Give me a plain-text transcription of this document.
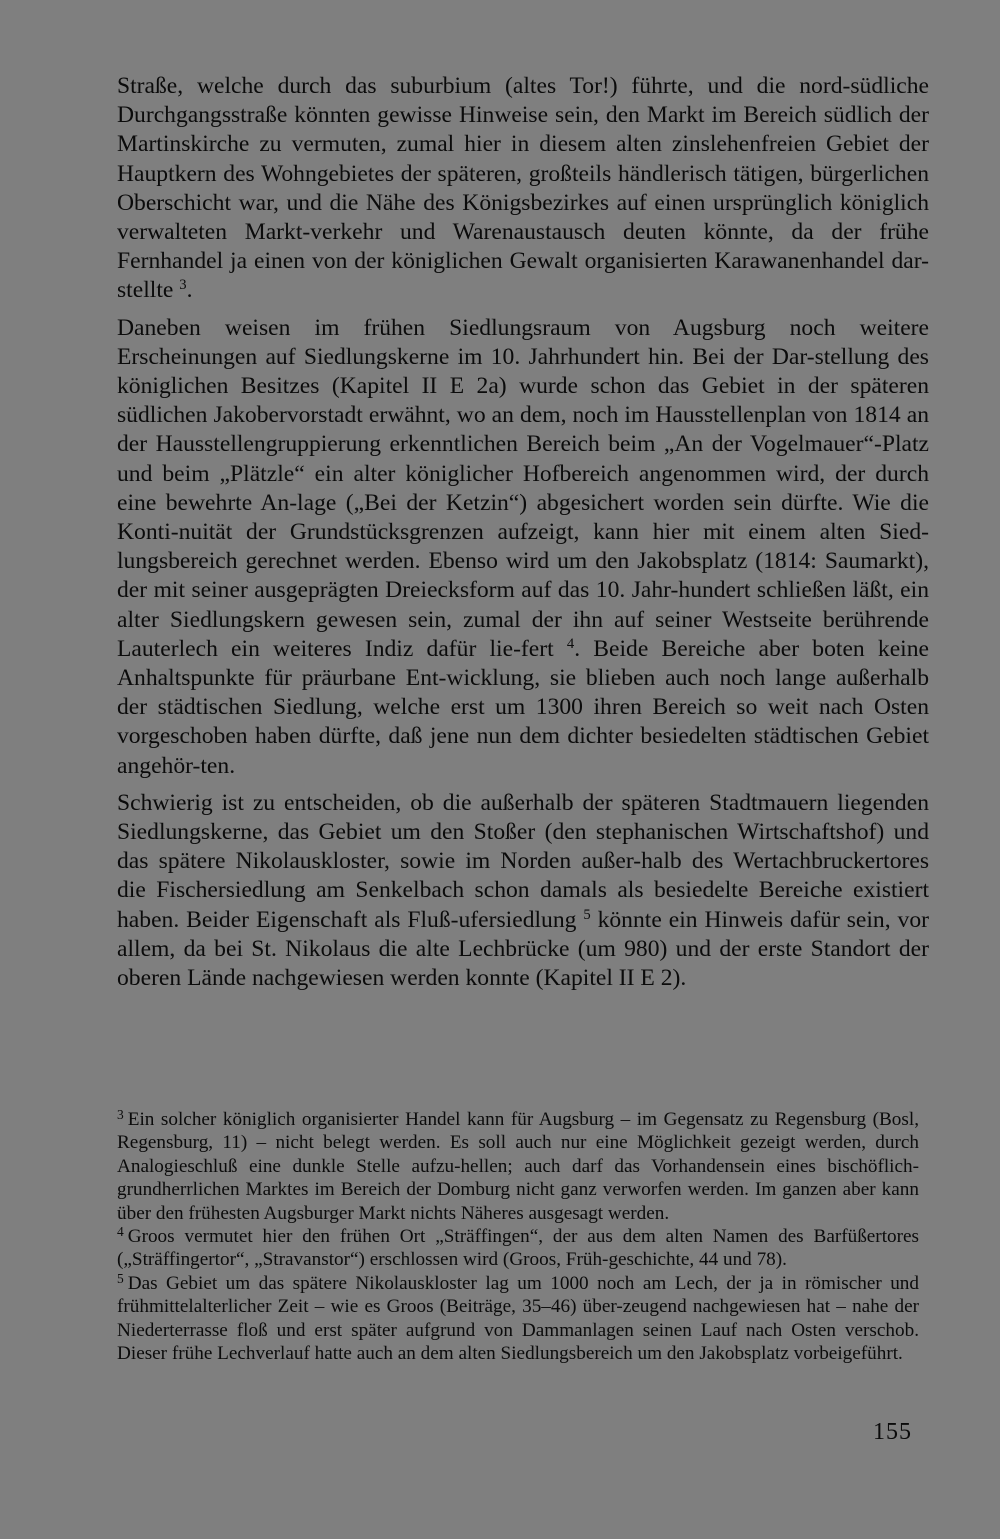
Straße, welche durch das suburbium (altes Tor!) führte, und die nord-südliche Durchgangsstraße könnten gewisse Hinweise sein, den Markt im Bereich südlich der Martinskirche zu vermuten, zumal hier in diesem alten zinslehenfreien Gebiet der Hauptkern des Wohngebietes der späteren, großteils händlerisch tätigen, bürgerlichen Oberschicht war, und die Nähe des Königsbezirkes auf einen ursprünglich königlich verwalteten Markt-verkehr und Warenaustausch deuten könnte, da der frühe Fernhandel ja einen von der königlichen Gewalt organisierten Karawanenhandel dar-stellte $^3$.

Daneben weisen im frühen Siedlungsraum von Augsburg noch weitere Erscheinungen auf Siedlungskerne im 10. Jahrhundert hin. Bei der Dar-stellung des königlichen Besitzes (Kapitel II E 2a) wurde schon das Gebiet in der späteren südlichen Jakobervorstadt erwähnt, wo an dem, noch im Hausstellenplan von 1814 an der Hausstellengruppierung erkenntlichen Bereich beim „An der Vogelmauer“-Platz und beim „Plätzle“ ein alter königlicher Hofbereich angenommen wird, der durch eine bewehrte An-lage („Bei der Ketzin“) abgesichert worden sein dürfte. Wie die Konti-nuität der Grundstücksgrenzen aufzeigt, kann hier mit einem alten Sied-lungsbereich gerechnet werden. Ebenso wird um den Jakobsplatz (1814: Saumarkt), der mit seiner ausgeprägten Dreiecksform auf das 10. Jahr-hundert schließen läßt, ein alter Siedlungskern gewesen sein, zumal der ihn auf seiner Westseite berührende Lauterlech ein weiteres Indiz dafür lie-fert $^4$. Beide Bereiche aber boten keine Anhaltspunkte für präurbane Ent-wicklung, sie blieben auch noch lange außerhalb der städtischen Siedlung, welche erst um 1300 ihren Bereich so weit nach Osten vorgeschoben haben dürfte, daß jene nun dem dichter besiedelten städtischen Gebiet angehör-ten.

Schwierig ist zu entscheiden, ob die außerhalb der späteren Stadtmauern liegenden Siedlungskerne, das Gebiet um den Stoßer (den stephanischen Wirtschaftshof) und das spätere Nikolauskloster, sowie im Norden außer-halb des Wertachbruckertores die Fischersiedlung am Senkelbach schon damals als besiedelte Bereiche existiert haben. Beider Eigenschaft als Fluß-ufersiedlung $^5$ könnte ein Hinweis dafür sein, vor allem, da bei St. Nikolaus die alte Lechbrücke (um 980) und der erste Standort der oberen Lände nachgewiesen werden konnte (Kapitel II E 2).

$^3$ Ein solcher königlich organisierter Handel kann für Augsburg – im Gegensatz zu Regensburg (Bosl, Regensburg, 11) – nicht belegt werden. Es soll auch nur eine Möglichkeit gezeigt werden, durch Analogieschluß eine dunkle Stelle aufzu-hellen; auch darf das Vorhandensein eines bischöflich-grundherrlichen Marktes im Bereich der Domburg nicht ganz verworfen werden. Im ganzen aber kann über den frühesten Augsburger Markt nichts Näheres ausgesagt werden.

$^4$ Groos vermutet hier den frühen Ort „Sträffingen“, der aus dem alten Namen des Barfüßertores („Sträffingertor“, „Stravanstor“) erschlossen wird (Groos, Früh-geschichte, 44 und 78).

$^5$ Das Gebiet um das spätere Nikolauskloster lag um 1000 noch am Lech, der ja in römischer und frühmittelalterlicher Zeit – wie es Groos (Beiträge, 35–46) über-zeugend nachgewiesen hat – nahe der Niederterrasse floß und erst später aufgrund von Dammanlagen seinen Lauf nach Osten verschob. Dieser frühe Lechverlauf hatte auch an dem alten Siedlungsbereich um den Jakobsplatz vorbeigeführt.

155
